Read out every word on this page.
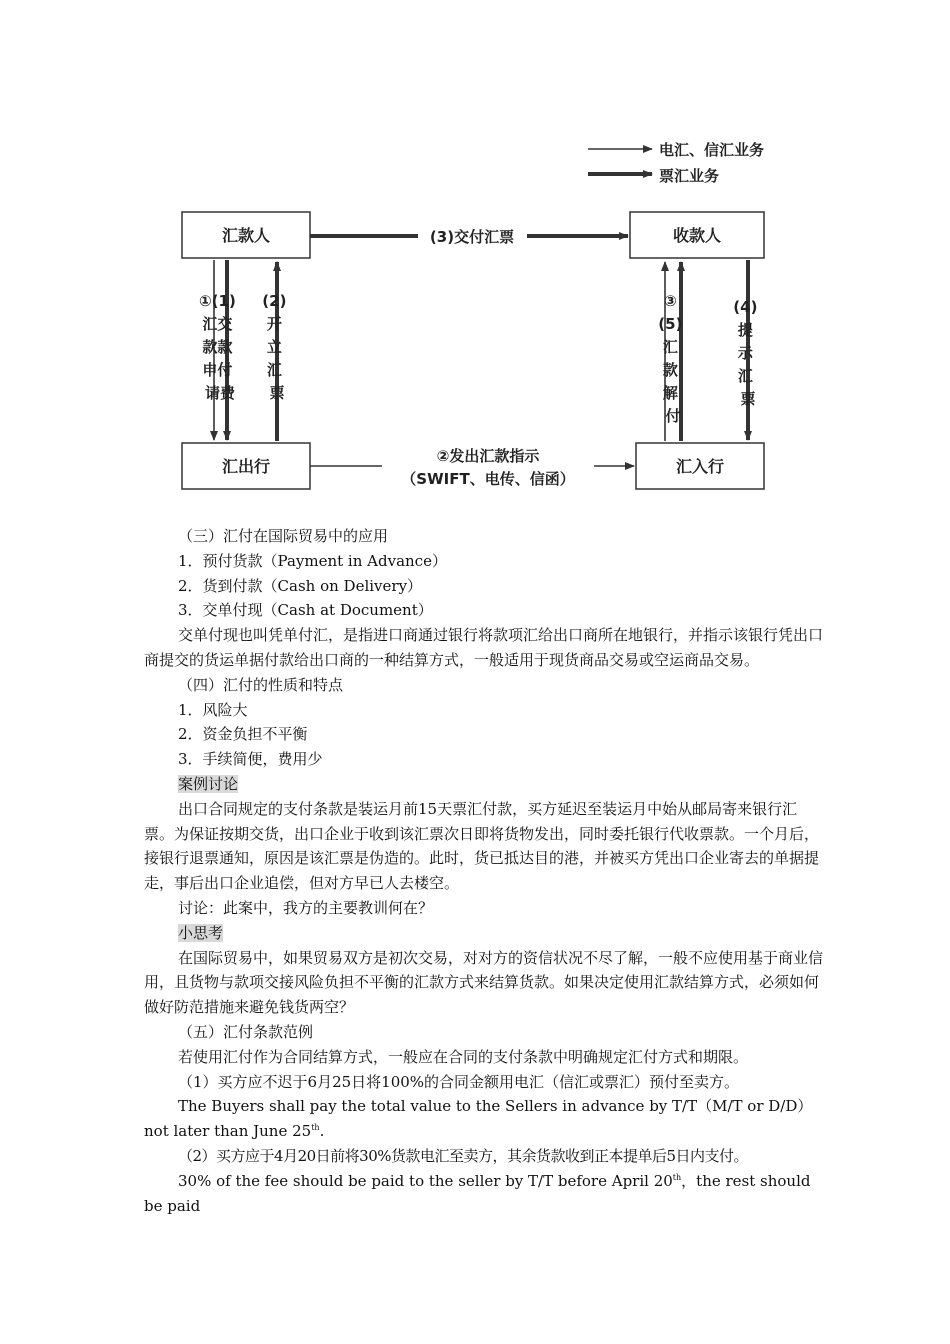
电汇、信汇业务
票汇业务
汇款人	收款人
汇出行	汇入行
(3)交付汇票
②发出汇款指示
（SWIFT、电传、信函）
①(1) 汇交 款款 申付 请费
(2) 开 立 汇 票
③ (5) 汇 款 解 付
(4) 提 示 汇 票

（三）汇付在国际贸易中的应用

1．预付货款（Payment in Advance）

2．货到付款（Cash on Delivery）

3．交单付现（Cash at Document）

交单付现也叫凭单付汇，是指进口商通过银行将款项汇给出口商所在地银行，并指示该银行凭出口商提交的货运单据付款给出口商的一种结算方式，一般适用于现货商品交易或空运商品交易。

（四）汇付的性质和特点

1．风险大

2．资金负担不平衡

3．手续简便，费用少

案例讨论

出口合同规定的支付条款是装运月前15天票汇付款，买方延迟至装运月中始从邮局寄来银行汇票。为保证按期交货，出口企业于收到该汇票次日即将货物发出，同时委托银行代收票款。一个月后，接银行退票通知，原因是该汇票是伪造的。此时，货已抵达目的港，并被买方凭出口企业寄去的单据提走，事后出口企业追偿，但对方早已人去楼空。

讨论：此案中，我方的主要教训何在？

小思考

在国际贸易中，如果贸易双方是初次交易，对对方的资信状况不尽了解，一般不应使用基于商业信用，且货物与款项交接风险负担不平衡的汇款方式来结算货款。如果决定使用汇款结算方式，必须如何做好防范措施来避免钱货两空？

（五）汇付条款范例

若使用汇付作为合同结算方式，一般应在合同的支付条款中明确规定汇付方式和期限。

（1）买方应不迟于6月25日将100%的合同金额用电汇（信汇或票汇）预付至卖方。

The Buyers shall pay the total value to the Sellers in advance by T/T（M/T or D/D）not later than June 25th.

（2）买方应于4月20日前将30%货款电汇至卖方，其余货款收到正本提单后5日内支付。

30% of the fee should be paid to the seller by T/T before April 20th，the rest should be paid
